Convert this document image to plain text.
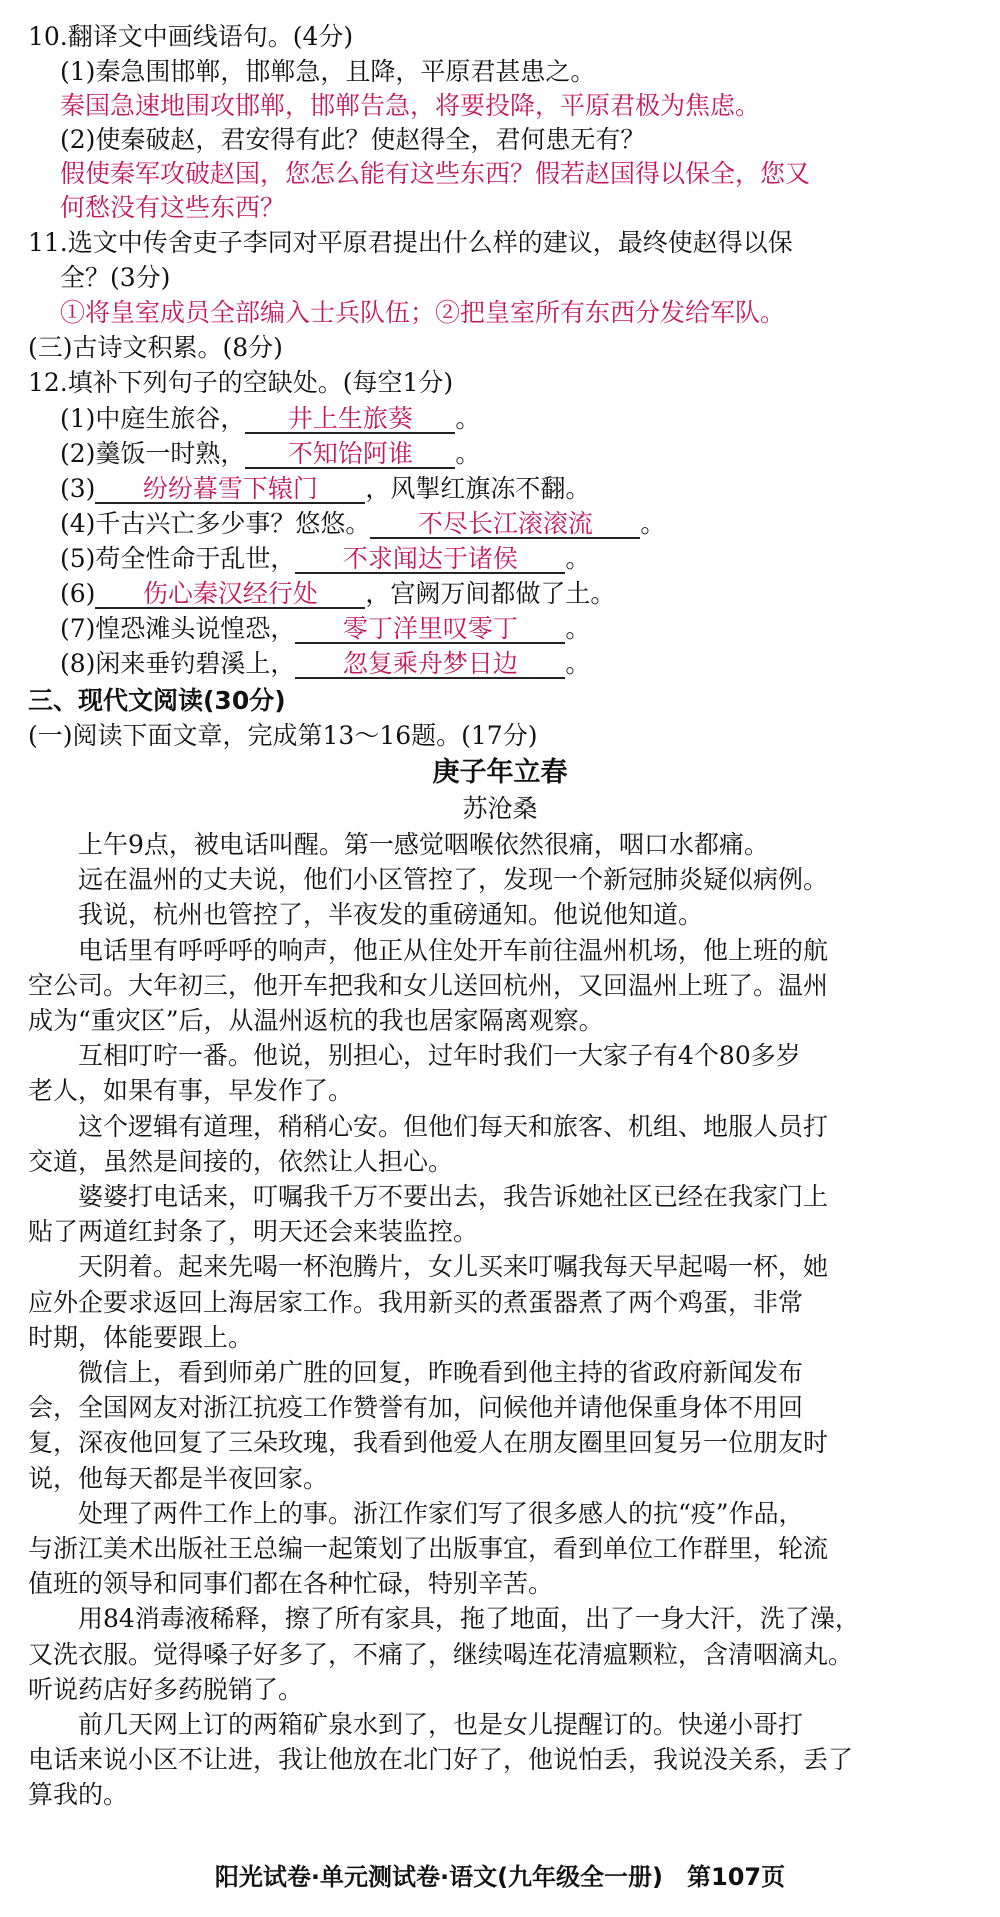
10.翻译文中画线语句。(4分)
(1)秦急围邯郸，邯郸急，且降，平原君甚患之。
秦国急速地围攻邯郸，邯郸告急，将要投降，平原君极为焦虑。
(2)使秦破赵，君安得有此？使赵得全，君何患无有？
假使秦军攻破赵国，您怎么能有这些东西？假若赵国得以保全，您又
何愁没有这些东西？
11.选文中传舍吏子李同对平原君提出什么样的建议，最终使赵得以保
全？(3分)
①将皇室成员全部编入士兵队伍；②把皇室所有东西分发给军队。
(三)古诗文积累。(8分)
12.填补下列句子的空缺处。(每空1分)
(1)中庭生旅谷， 井上生旅葵 。
(2)羹饭一时熟， 不知饴阿谁 。
(3) 纷纷暮雪下辕门 ，风掣红旗冻不翻。
(4)千古兴亡多少事？悠悠。 不尽长江滚滚流 。
(5)苟全性命于乱世， 不求闻达于诸侯 。
(6) 伤心秦汉经行处 ，宫阙万间都做了土。
(7)惶恐滩头说惶恐， 零丁洋里叹零丁 。
(8)闲来垂钓碧溪上， 忽复乘舟梦日边 。
三、现代文阅读(30分)
(一)阅读下面文章，完成第13～16题。(17分)
庚子年立春
苏沧桑
上午9点，被电话叫醒。第一感觉咽喉依然很痛，咽口水都痛。
远在温州的丈夫说，他们小区管控了，发现一个新冠肺炎疑似病例。
我说，杭州也管控了，半夜发的重磅通知。他说他知道。
电话里有呼呼呼的响声，他正从住处开车前往温州机场，他上班的航
空公司。大年初三，他开车把我和女儿送回杭州，又回温州上班了。温州
成为“重灾区”后，从温州返杭的我也居家隔离观察。
互相叮咛一番。他说，别担心，过年时我们一大家子有4个80多岁
老人，如果有事，早发作了。
这个逻辑有道理，稍稍心安。但他们每天和旅客、机组、地服人员打
交道，虽然是间接的，依然让人担心。
婆婆打电话来，叮嘱我千万不要出去，我告诉她社区已经在我家门上
贴了两道红封条了，明天还会来装监控。
天阴着。起来先喝一杯泡腾片，女儿买来叮嘱我每天早起喝一杯，她
应外企要求返回上海居家工作。我用新买的煮蛋器煮了两个鸡蛋，非常
时期，体能要跟上。
微信上，看到师弟广胜的回复，昨晚看到他主持的省政府新闻发布
会，全国网友对浙江抗疫工作赞誉有加，问候他并请他保重身体不用回
复，深夜他回复了三朵玫瑰，我看到他爱人在朋友圈里回复另一位朋友时
说，他每天都是半夜回家。
处理了两件工作上的事。浙江作家们写了很多感人的抗“疫”作品，
与浙江美术出版社王总编一起策划了出版事宜，看到单位工作群里，轮流
值班的领导和同事们都在各种忙碌，特别辛苦。
用84消毒液稀释，擦了所有家具，拖了地面，出了一身大汗，洗了澡，
又洗衣服。觉得嗓子好多了，不痛了，继续喝连花清瘟颗粒，含清咽滴丸。
听说药店好多药脱销了。
前几天网上订的两箱矿泉水到了，也是女儿提醒订的。快递小哥打
电话来说小区不让进，我让他放在北门好了，他说怕丢，我说没关系，丢了
算我的。
阳光试卷·单元测试卷·语文(九年级全一册)　第107页
